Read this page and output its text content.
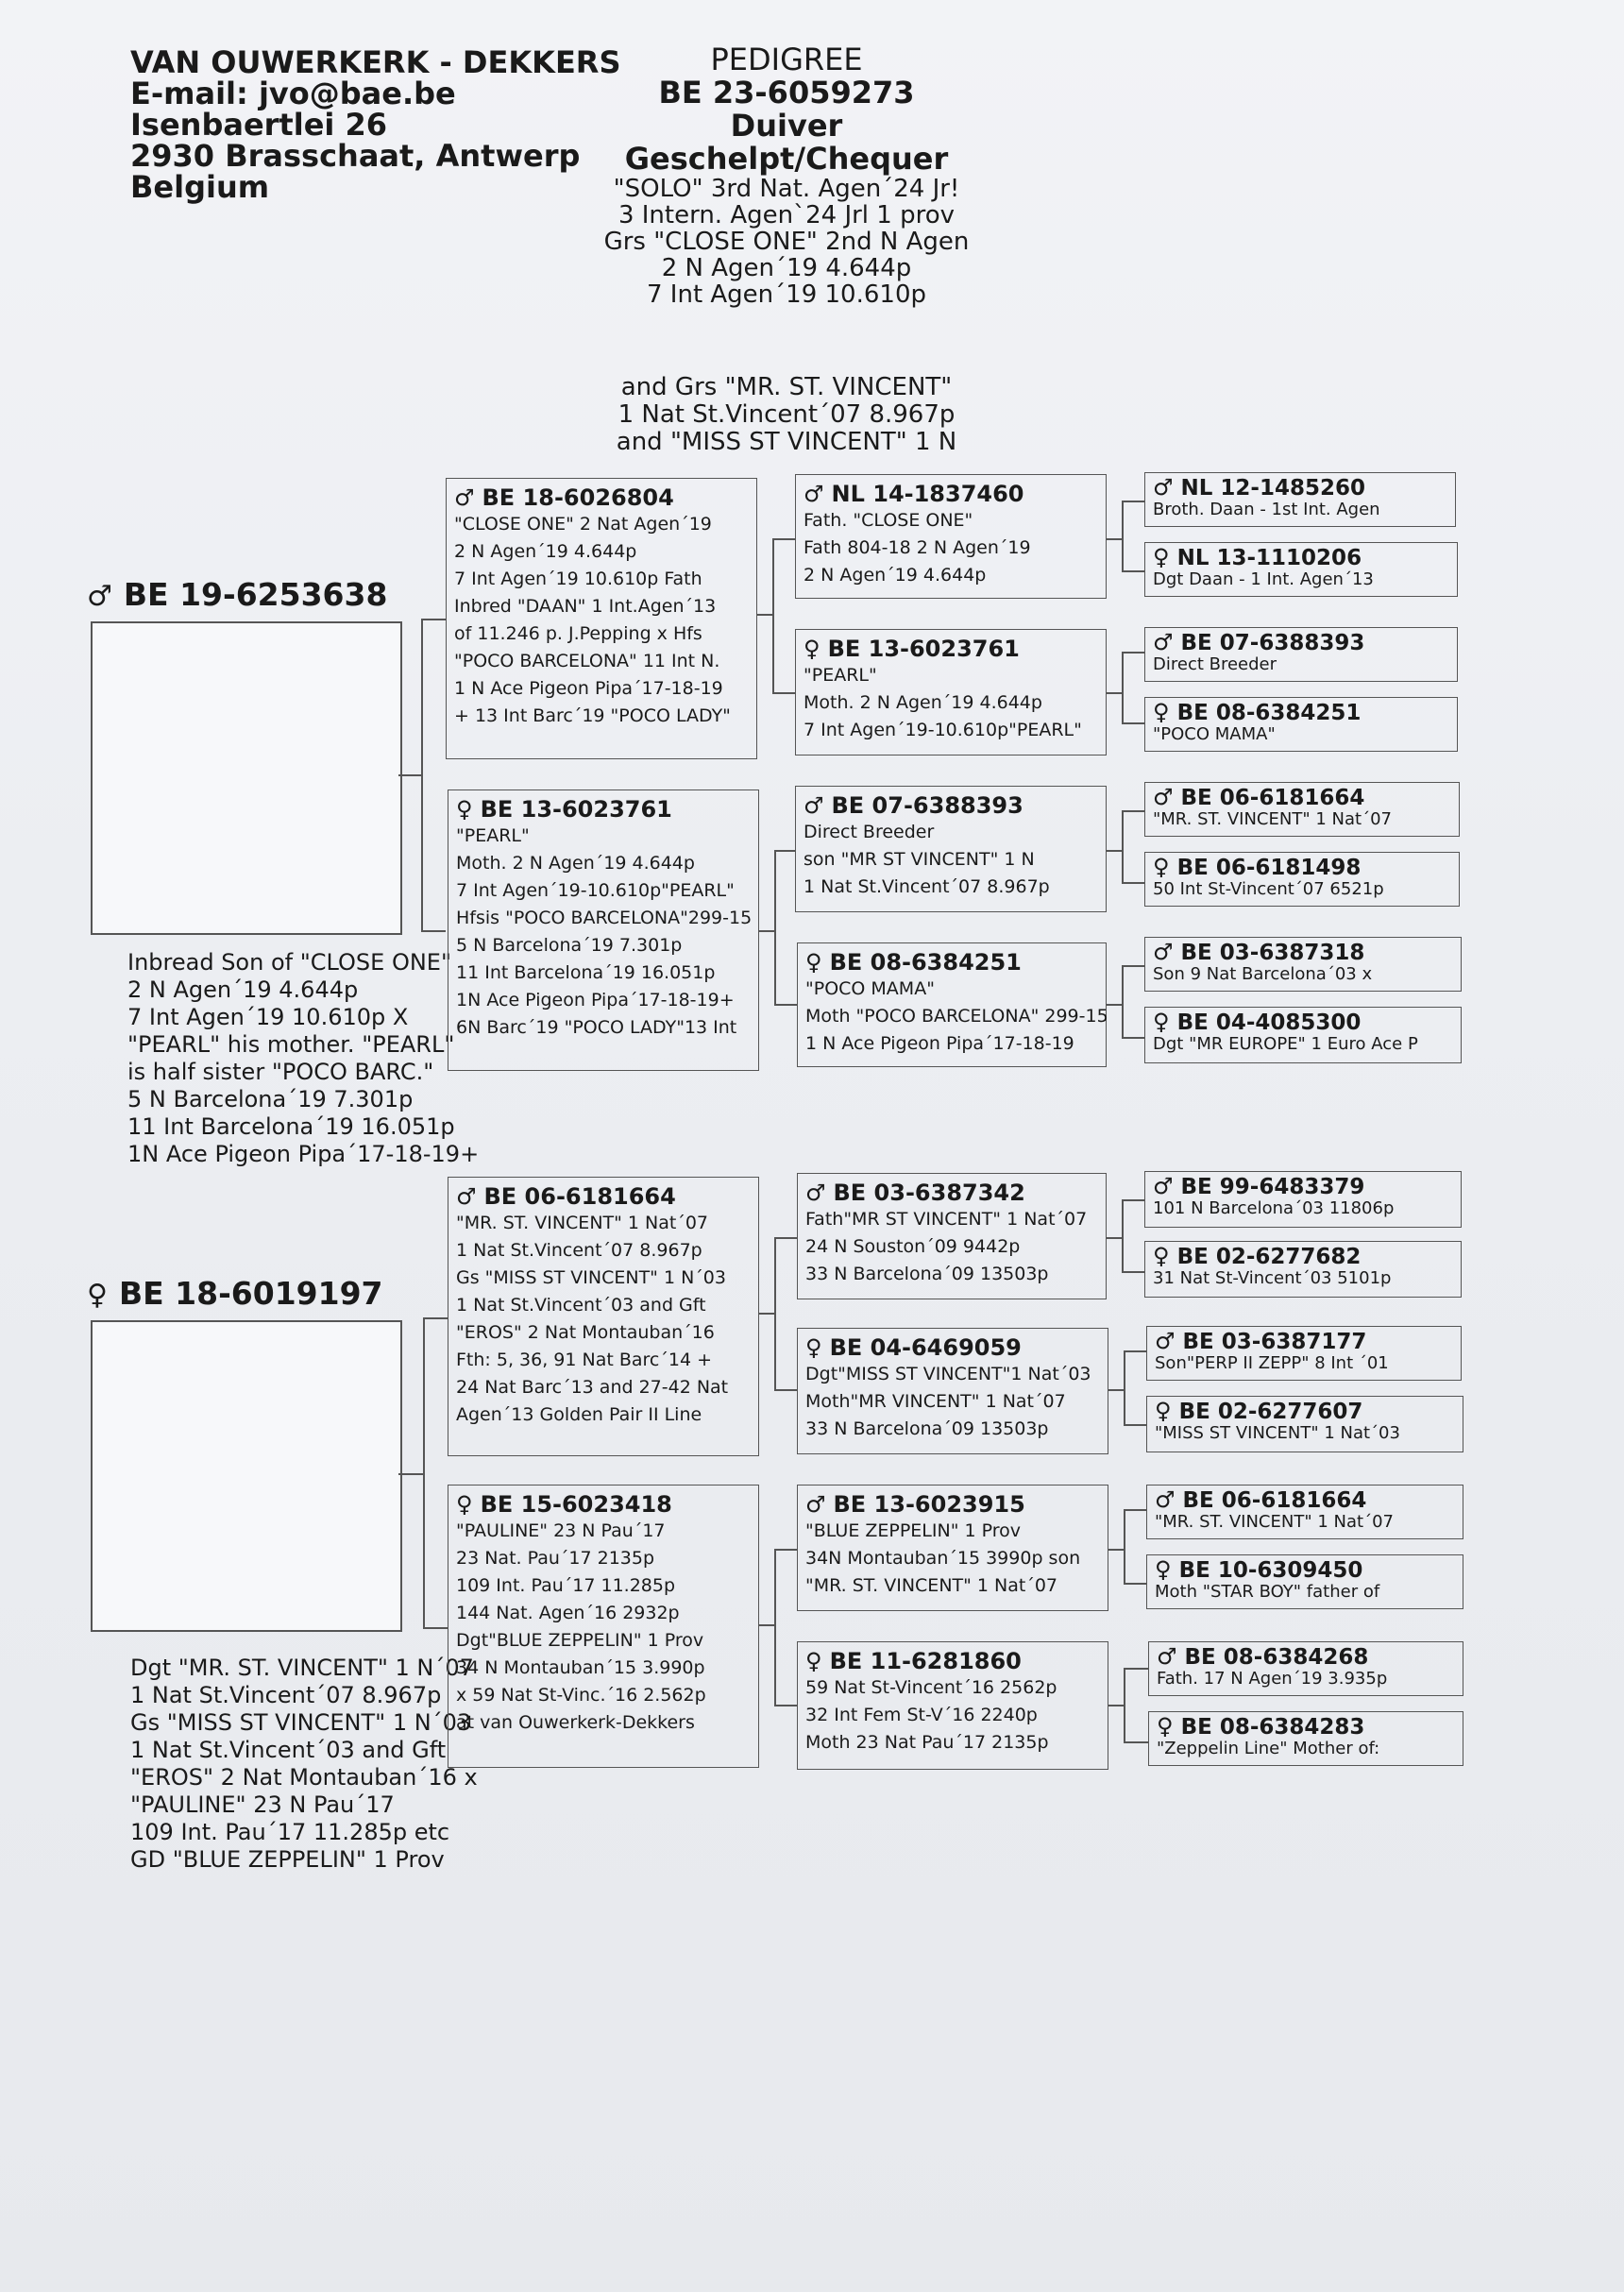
VAN OUWERKERK - DEKKERS
E-mail: jvo@bae.be
Isenbaertlei 26
2930 Brasschaat, Antwerp
Belgium
PEDIGREE
BE 23-6059273
Duiver
Geschelpt/Chequer
"SOLO" 3rd Nat. Agen´24 Jr!
3 Intern. Agen`24 Jrl 1 prov
Grs "CLOSE ONE" 2nd N Agen
2 N Agen´19 4.644p
7 Int Agen´19 10.610p
and Grs "MR. ST. VINCENT"
1 Nat St.Vincent´07 8.967p
and "MISS ST VINCENT" 1 N
♂ BE 19-6253638
Inbread Son of "CLOSE ONE"
2 N Agen´19 4.644p
7 Int Agen´19 10.610p X
"PEARL" his mother. "PEARL"
is half sister "POCO BARC."
5 N Barcelona´19 7.301p
11 Int Barcelona´19 16.051p
1N Ace Pigeon Pipa´17-18-19+
♀ BE 18-6019197
Dgt "MR. ST. VINCENT" 1 N´07
1 Nat St.Vincent´07 8.967p
Gs "MISS ST VINCENT" 1 N´03
1 Nat St.Vincent´03 and Gft
"EROS" 2 Nat Montauban´16 x
"PAULINE" 23 N Pau´17
109 Int. Pau´17 11.285p etc
GD "BLUE ZEPPELIN" 1 Prov
♂ BE 18-6026804
"CLOSE ONE" 2 Nat Agen´19
2 N Agen´19 4.644p
7 Int Agen´19 10.610p Fath
Inbred "DAAN" 1 Int.Agen´13
of 11.246 p. J.Pepping x Hfs
"POCO BARCELONA" 11 Int N.
1 N Ace Pigeon Pipa´17-18-19
+ 13 Int Barc´19 "POCO LADY"
♀ BE 13-6023761
"PEARL"
Moth. 2 N Agen´19 4.644p
7 Int Agen´19-10.610p"PEARL"
Hfsis "POCO BARCELONA"299-15
5 N Barcelona´19 7.301p
11 Int Barcelona´19 16.051p
1N Ace Pigeon Pipa´17-18-19+
6N Barc´19 "POCO LADY"13 Int
♂ BE 06-6181664
"MR. ST. VINCENT" 1 Nat´07
1 Nat St.Vincent´07 8.967p
Gs "MISS ST VINCENT" 1 N´03
1 Nat St.Vincent´03 and Gft
"EROS" 2 Nat Montauban´16
Fth: 5, 36, 91 Nat Barc´14 +
24 Nat Barc´13 and 27-42 Nat
Agen´13 Golden Pair II Line
♀ BE 15-6023418
"PAULINE" 23 N Pau´17
23 Nat. Pau´17 2135p
109 Int. Pau´17 11.285p
144 Nat. Agen´16 2932p
Dgt"BLUE ZEPPELIN" 1 Prov
34 N Montauban´15 3.990p
x 59 Nat St-Vinc.´16 2.562p
at van Ouwerkerk-Dekkers
♂ NL 14-1837460
Fath. "CLOSE ONE"
Fath 804-18 2 N Agen´19
2 N Agen´19 4.644p
♀ BE 13-6023761
"PEARL"
Moth. 2 N Agen´19 4.644p
7 Int Agen´19-10.610p"PEARL"
♂ BE 07-6388393
Direct Breeder
son "MR ST VINCENT" 1 N
1 Nat St.Vincent´07 8.967p
♀ BE 08-6384251
"POCO MAMA"
Moth "POCO BARCELONA" 299-15
1 N Ace Pigeon Pipa´17-18-19
♂ BE 03-6387342
Fath"MR ST VINCENT" 1 Nat´07
24 N Souston´09 9442p
33 N Barcelona´09 13503p
♀ BE 04-6469059
Dgt"MISS ST VINCENT"1 Nat´03
Moth"MR VINCENT" 1 Nat´07
33 N Barcelona´09 13503p
♂ BE 13-6023915
"BLUE ZEPPELIN" 1 Prov
34N Montauban´15 3990p son
"MR. ST. VINCENT" 1 Nat´07
♀ BE 11-6281860
59 Nat St-Vincent´16 2562p
32 Int Fem St-V´16 2240p
Moth 23 Nat Pau´17 2135p
♂ NL 12-1485260
Broth. Daan - 1st Int. Agen
♀ NL 13-1110206
Dgt Daan - 1 Int. Agen´13
♂ BE 07-6388393
Direct Breeder
♀ BE 08-6384251
"POCO MAMA"
♂ BE 06-6181664
"MR. ST. VINCENT" 1 Nat´07
♀ BE 06-6181498
50 Int St-Vincent´07 6521p
♂ BE 03-6387318
Son 9 Nat Barcelona´03 x
♀ BE 04-4085300
Dgt "MR EUROPE" 1 Euro Ace P
♂ BE 99-6483379
101 N Barcelona´03 11806p
♀ BE 02-6277682
31 Nat St-Vincent´03 5101p
♂ BE 03-6387177
Son"PERP II ZEPP" 8 Int ´01
♀ BE 02-6277607
"MISS ST VINCENT" 1 Nat´03
♂ BE 06-6181664
"MR. ST. VINCENT" 1 Nat´07
♀ BE 10-6309450
Moth "STAR BOY" father of
♂ BE 08-6384268
Fath. 17 N Agen´19 3.935p
♀ BE 08-6384283
"Zeppelin Line" Mother of:
